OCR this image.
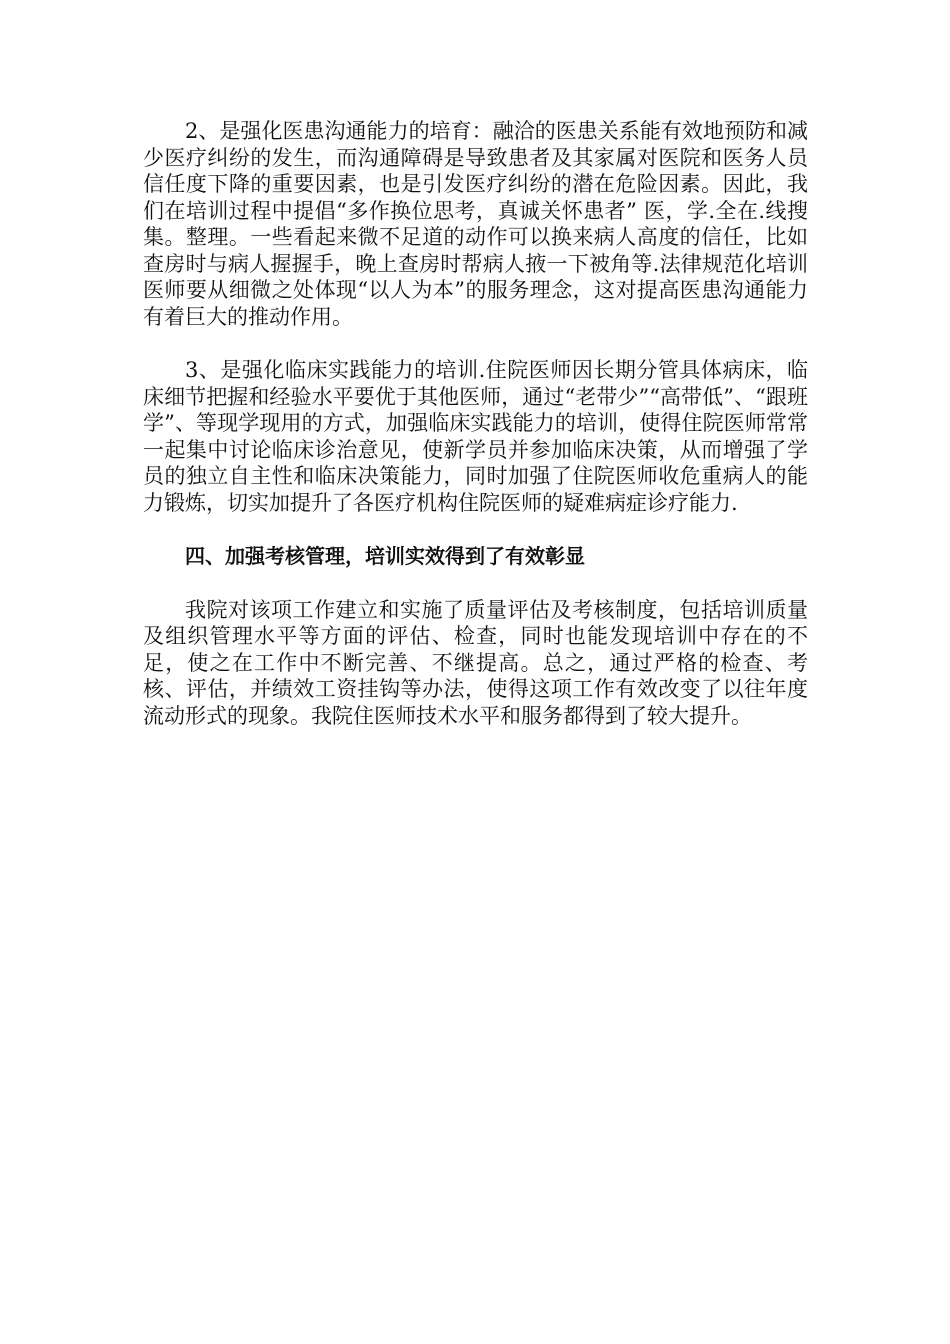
2、是强化医患沟通能力的培育：融洽的医患关系能有效地预防和减少医疗纠纷的发生，而沟通障碍是导致患者及其家属对医院和医务人员信任度下降的重要因素，也是引发医疗纠纷的潜在危险因素。因此，我们在培训过程中提倡“多作换位思考，真诚关怀患者” 医，学.全在.线搜集。整理。一些看起来微不足道的动作可以换来病人高度的信任，比如查房时与病人握握手，晚上查房时帮病人掖一下被角等.法律规范化培训医师要从细微之处体现“以人为本”的服务理念，这对提高医患沟通能力有着巨大的推动作用。

3、是强化临床实践能力的培训.住院医师因长期分管具体病床，临床细节把握和经验水平要优于其他医师，通过“老带少”“高带低”、“跟班学”、等现学现用的方式，加强临床实践能力的培训，使得住院医师常常一起集中讨论临床诊治意见，使新学员并参加临床决策，从而增强了学员的独立自主性和临床决策能力，同时加强了住院医师收危重病人的能力锻炼，切实加提升了各医疗机构住院医师的疑难病症诊疗能力.

四、加强考核管理，培训实效得到了有效彰显

我院对该项工作建立和实施了质量评估及考核制度，包括培训质量及组织管理水平等方面的评估、检查，同时也能发现培训中存在的不足，使之在工作中不断完善、不继提高。总之，通过严格的检查、考核、评估，并绩效工资挂钩等办法，使得这项工作有效改变了以往年度流动形式的现象。我院住医师技术水平和服务都得到了较大提升。
